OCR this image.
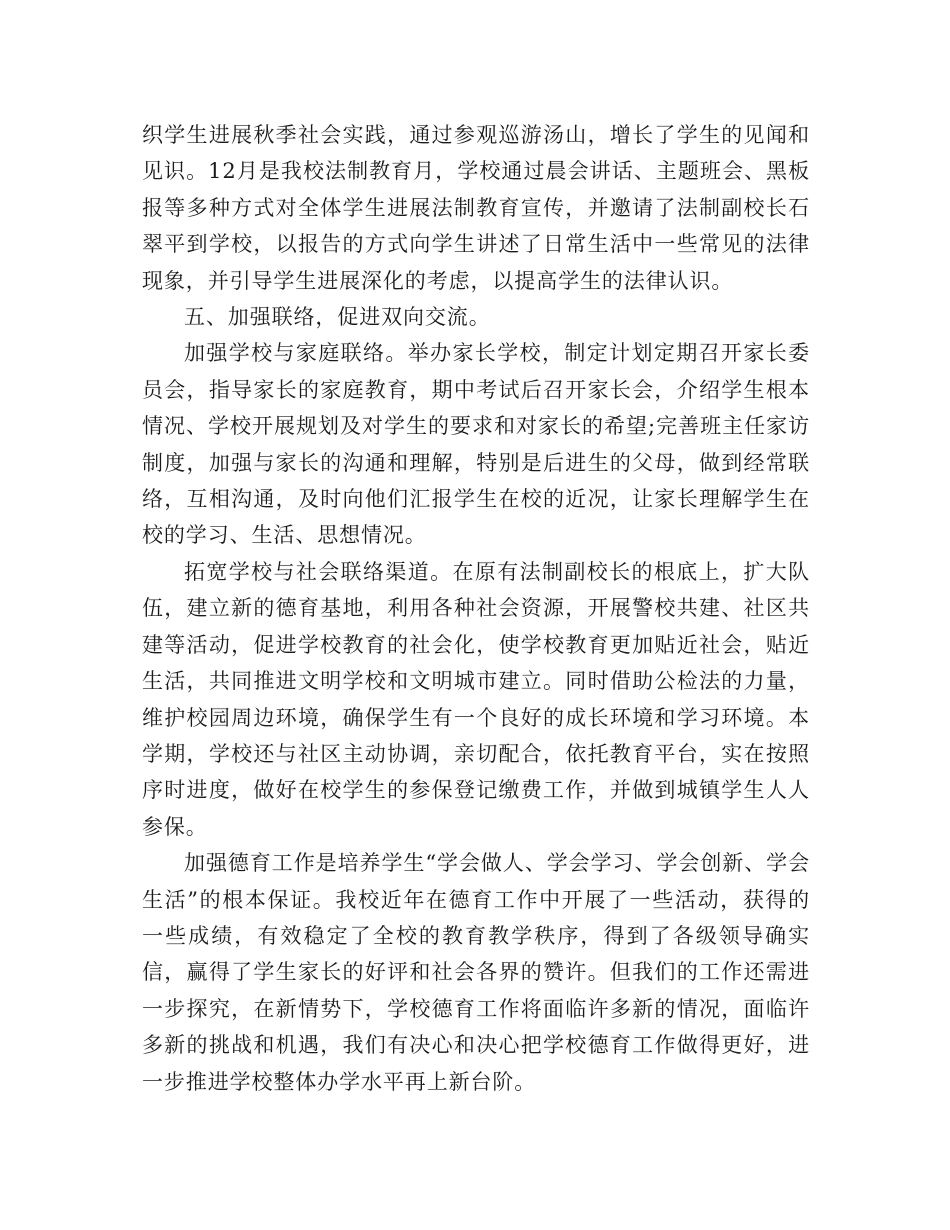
织学生进展秋季社会实践，通过参观巡游汤山，增长了学生的见闻和见识。12月是我校法制教育月，学校通过晨会讲话、主题班会、黑板报等多种方式对全体学生进展法制教育宣传，并邀请了法制副校长石翠平到学校，以报告的方式向学生讲述了日常生活中一些常见的法律现象，并引导学生进展深化的考虑，以提高学生的法律认识。

五、加强联络，促进双向交流。

加强学校与家庭联络。举办家长学校，制定计划定期召开家长委员会，指导家长的家庭教育，期中考试后召开家长会，介绍学生根本情况、学校开展规划及对学生的要求和对家长的希望;完善班主任家访制度，加强与家长的沟通和理解，特别是后进生的父母，做到经常联络，互相沟通，及时向他们汇报学生在校的近况，让家长理解学生在校的学习、生活、思想情况。

拓宽学校与社会联络渠道。在原有法制副校长的根底上，扩大队伍，建立新的德育基地，利用各种社会资源，开展警校共建、社区共建等活动，促进学校教育的社会化，使学校教育更加贴近社会，贴近生活，共同推进文明学校和文明城市建立。同时借助公检法的力量，维护校园周边环境，确保学生有一个良好的成长环境和学习环境。本学期，学校还与社区主动协调，亲切配合，依托教育平台，实在按照序时进度，做好在校学生的参保登记缴费工作，并做到城镇学生人人参保。

加强德育工作是培养学生“学会做人、学会学习、学会创新、学会生活”的根本保证。我校近年在德育工作中开展了一些活动，获得的一些成绩，有效稳定了全校的教育教学秩序，得到了各级领导确实信，赢得了学生家长的好评和社会各界的赞许。但我们的工作还需进一步探究，在新情势下，学校德育工作将面临许多新的情况，面临许多新的挑战和机遇，我们有决心和决心把学校德育工作做得更好，进一步推进学校整体办学水平再上新台阶。
